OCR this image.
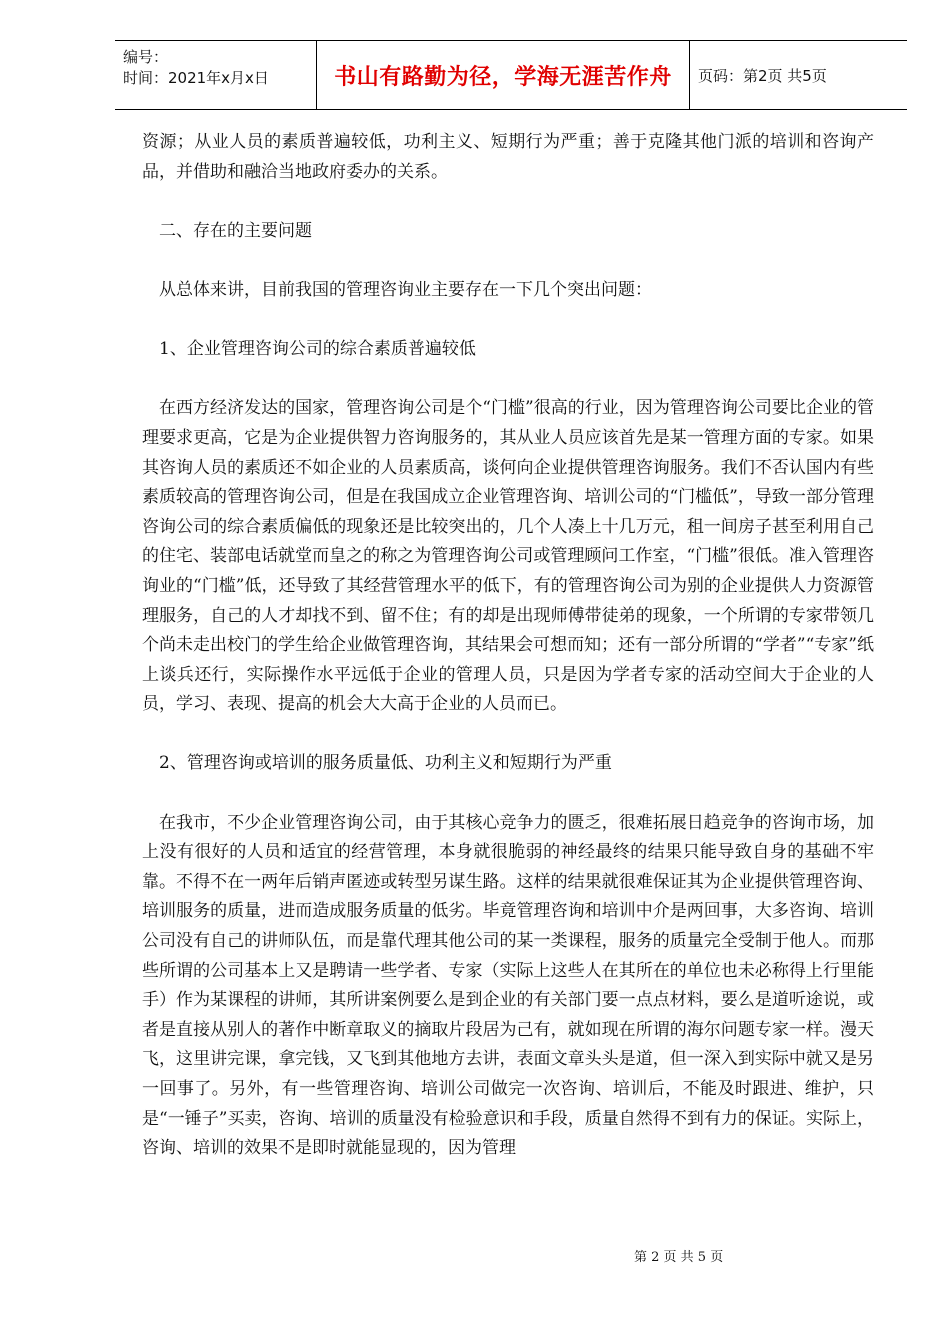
编号：
时间：2021年x月x日	书山有路勤为径，学海无涯苦作舟	页码：第2页 共5页

资源；从业人员的素质普遍较低，功利主义、短期行为严重；善于克隆其他门派的培训和咨询产品，并借助和融洽当地政府委办的关系。

二、存在的主要问题

从总体来讲，目前我国的管理咨询业主要存在一下几个突出问题：

1、企业管理咨询公司的综合素质普遍较低

在西方经济发达的国家，管理咨询公司是个“门槛”很高的行业，因为管理咨询公司要比企业的管理要求更高，它是为企业提供智力咨询服务的，其从业人员应该首先是某一管理方面的专家。如果其咨询人员的素质还不如企业的人员素质高，谈何向企业提供管理咨询服务。我们不否认国内有些素质较高的管理咨询公司，但是在我国成立企业管理咨询、培训公司的“门槛低”，导致一部分管理咨询公司的综合素质偏低的现象还是比较突出的，几个人凑上十几万元，租一间房子甚至利用自己的住宅、装部电话就堂而皇之的称之为管理咨询公司或管理顾问工作室，“门槛”很低。准入管理咨询业的“门槛”低，还导致了其经营管理水平的低下，有的管理咨询公司为别的企业提供人力资源管理服务，自己的人才却找不到、留不住；有的却是出现师傅带徒弟的现象，一个所谓的专家带领几个尚未走出校门的学生给企业做管理咨询，其结果会可想而知；还有一部分所谓的“学者”“专家”纸上谈兵还行，实际操作水平远低于企业的管理人员，只是因为学者专家的活动空间大于企业的人员，学习、表现、提高的机会大大高于企业的人员而已。

2、管理咨询或培训的服务质量低、功利主义和短期行为严重

在我市，不少企业管理咨询公司，由于其核心竞争力的匮乏，很难拓展日趋竞争的咨询市场，加上没有很好的人员和适宜的经营管理，本身就很脆弱的神经最终的结果只能导致自身的基础不牢靠。不得不在一两年后销声匿迹或转型另谋生路。这样的结果就很难保证其为企业提供管理咨询、培训服务的质量，进而造成服务质量的低劣。毕竟管理咨询和培训中介是两回事，大多咨询、培训公司没有自己的讲师队伍，而是靠代理其他公司的某一类课程，服务的质量完全受制于他人。而那些所谓的公司基本上又是聘请一些学者、专家（实际上这些人在其所在的单位也未必称得上行里能手）作为某课程的讲师，其所讲案例要么是到企业的有关部门要一点点材料，要么是道听途说，或者是直接从别人的著作中断章取义的摘取片段居为己有，就如现在所谓的海尔问题专家一样。漫天飞，这里讲完课，拿完钱，又飞到其他地方去讲，表面文章头头是道，但一深入到实际中就又是另一回事了。另外，有一些管理咨询、培训公司做完一次咨询、培训后，不能及时跟进、维护，只是“一锤子”买卖，咨询、培训的质量没有检验意识和手段，质量自然得不到有力的保证。实际上，咨询、培训的效果不是即时就能显现的，因为管理

第 2 页 共 5 页
